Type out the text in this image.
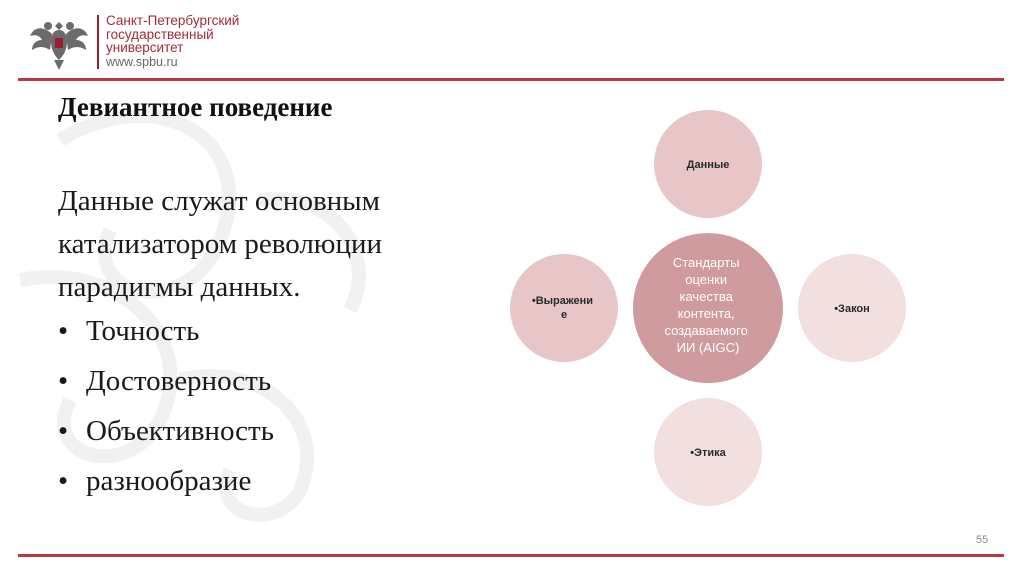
Санкт-Петербургский
государственный
университет
www.spbu.ru
Девиантное поведение
Данные служат основным
катализатором революции
парадигмы данных.
• Точность
• Достоверность
• Объективность
• разнообразие
Стандарты оценки качества контента, создаваемого ИИ (AIGC)
Данные
•Закон
•Этика
•Выражени е
55
